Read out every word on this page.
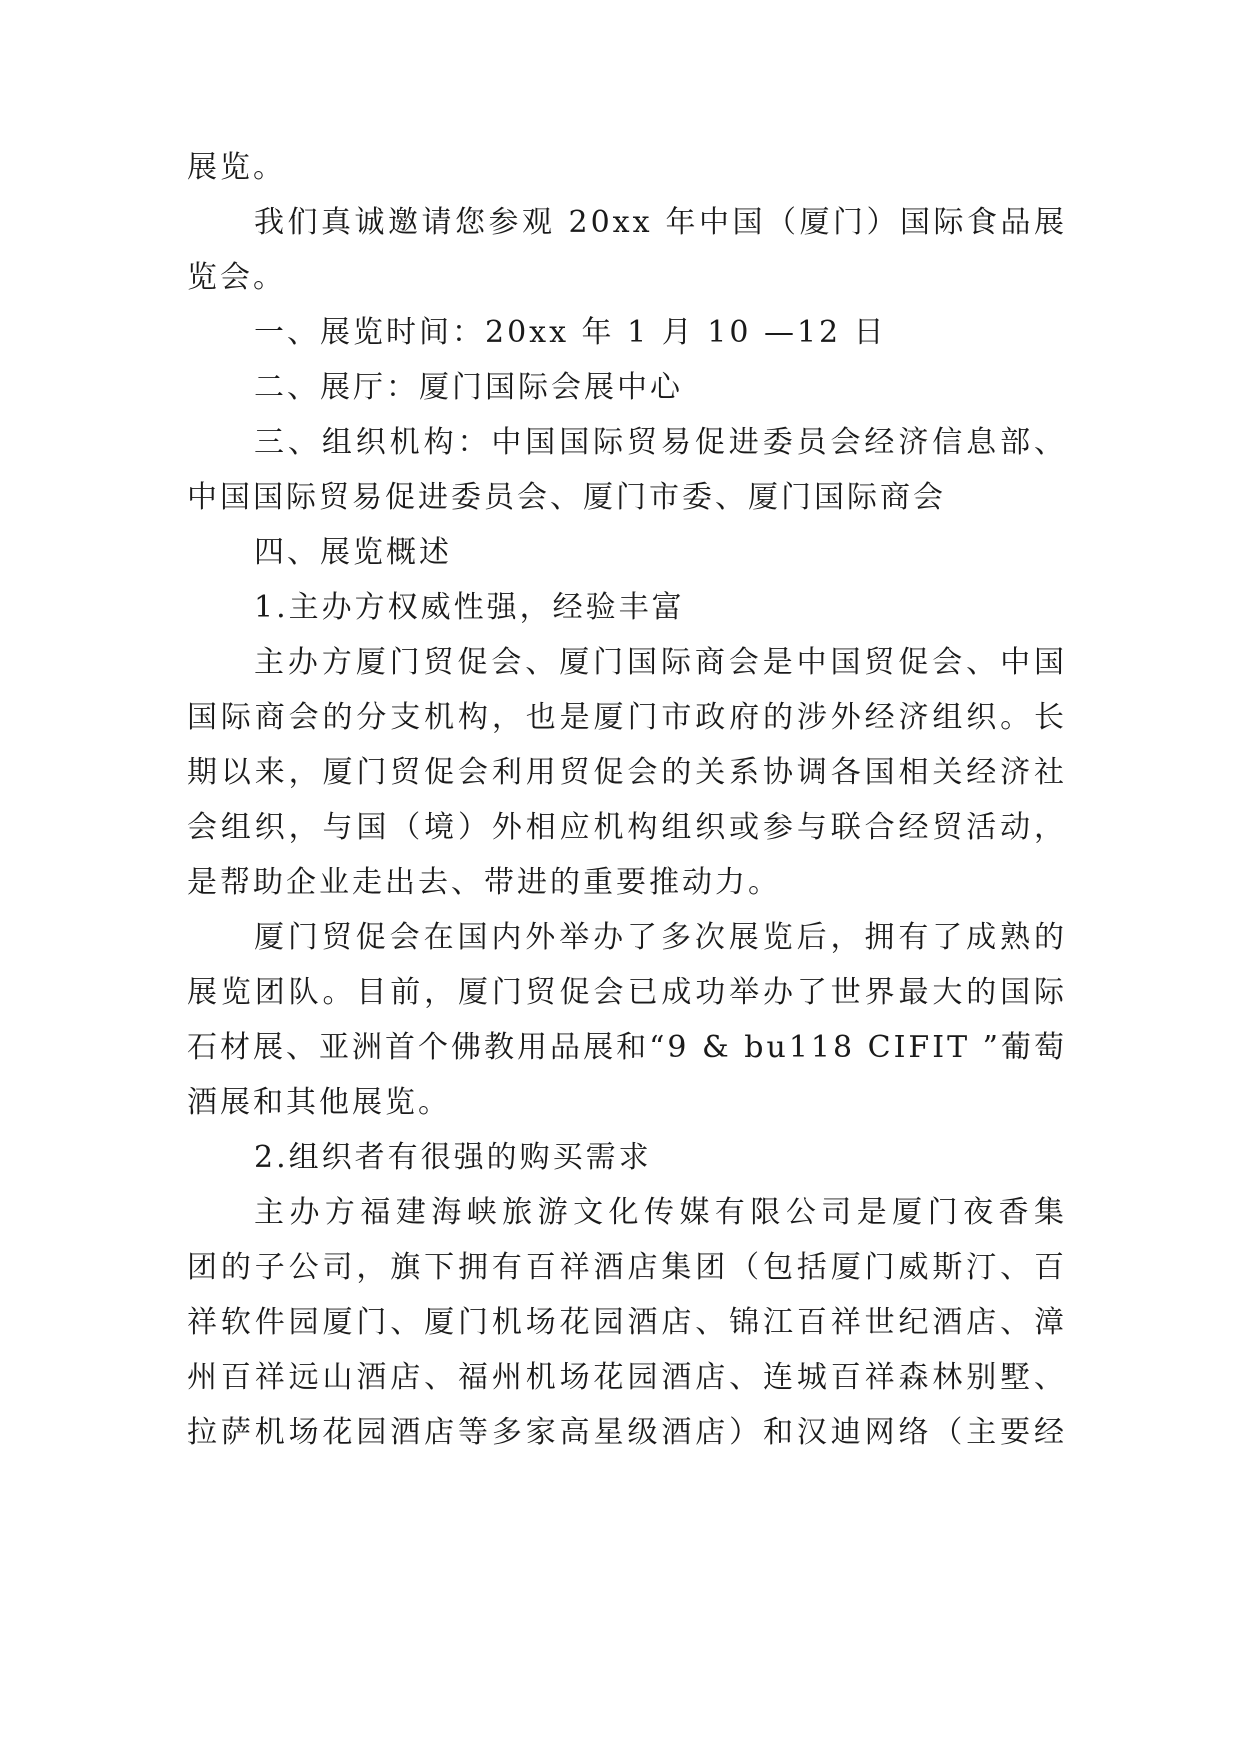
展览。
我们真诚邀请您参观 20xx 年中国（厦门）国际食品展
览会。
一、展览时间：20xx 年 1 月 10 —12 日
二、展厅：厦门国际会展中心
三、组织机构：中国国际贸易促进委员会经济信息部、
中国国际贸易促进委员会、厦门市委、厦门国际商会
四、展览概述
1.主办方权威性强，经验丰富
主办方厦门贸促会、厦门国际商会是中国贸促会、中国
国际商会的分支机构，也是厦门市政府的涉外经济组织。长
期以来，厦门贸促会利用贸促会的关系协调各国相关经济社
会组织，与国（境）外相应机构组织或参与联合经贸活动，
是帮助企业走出去、带进的重要推动力。
厦门贸促会在国内外举办了多次展览后，拥有了成熟的
展览团队。目前，厦门贸促会已成功举办了世界最大的国际
石材展、亚洲首个佛教用品展和“9 & bu118 CIFIT ”葡萄
酒展和其他展览。
2.组织者有很强的购买需求
主办方福建海峡旅游文化传媒有限公司是厦门夜香集
团的子公司，旗下拥有百祥酒店集团（包括厦门威斯汀、百
祥软件园厦门、厦门机场花园酒店、锦江百祥世纪酒店、漳
州百祥远山酒店、福州机场花园酒店、连城百祥森林别墅、
拉萨机场花园酒店等多家高星级酒店）和汉迪网络（主要经
